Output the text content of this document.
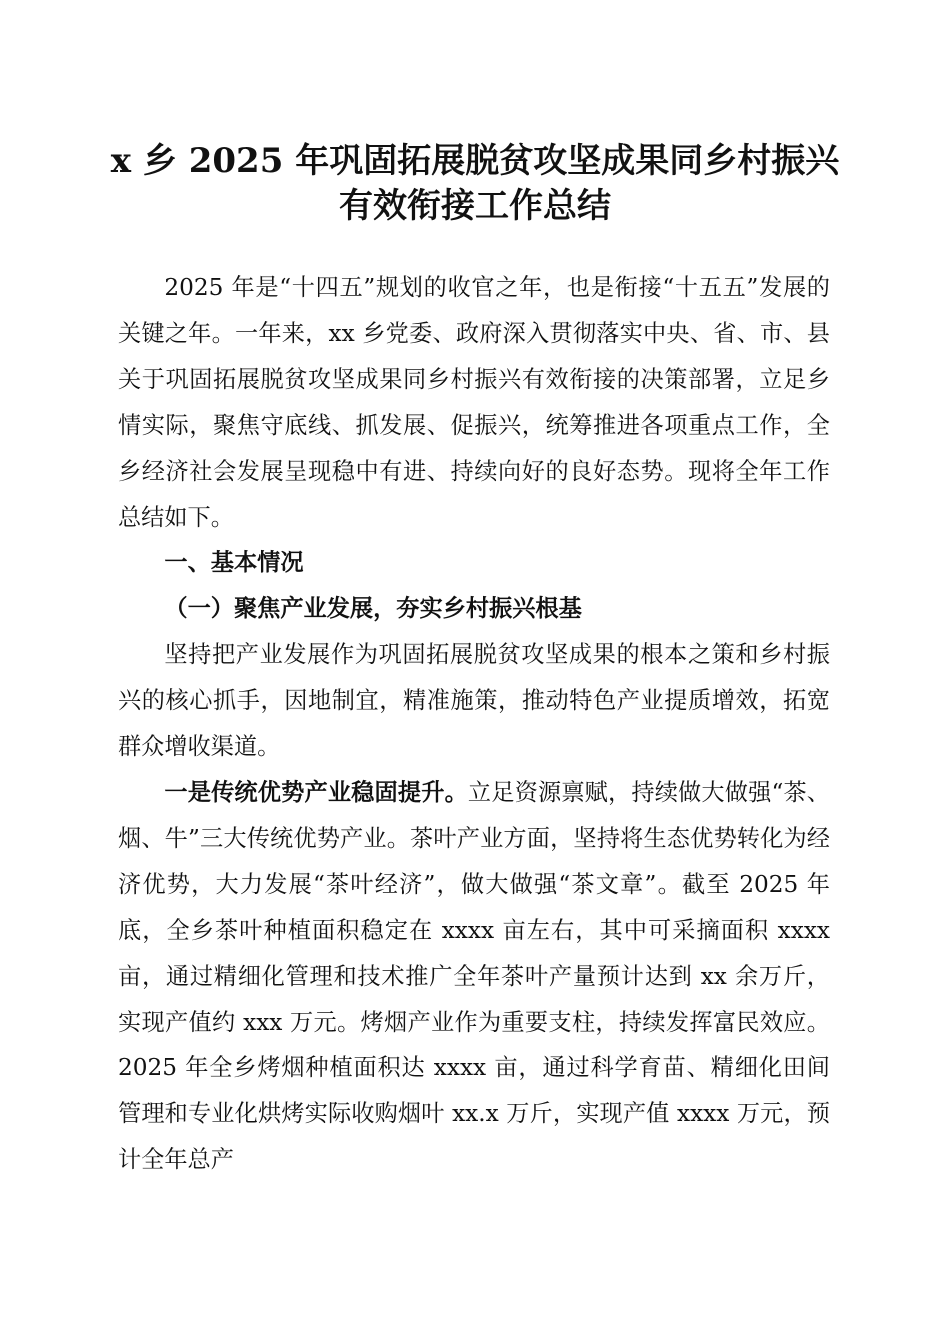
x 乡 2025 年巩固拓展脱贫攻坚成果同乡村振兴
有效衔接工作总结

2025 年是“十四五”规划的收官之年，也是衔接“十五五”发展的关键之年。一年来，xx 乡党委、政府深入贯彻落实中央、省、市、县关于巩固拓展脱贫攻坚成果同乡村振兴有效衔接的决策部署，立足乡情实际，聚焦守底线、抓发展、促振兴，统筹推进各项重点工作，全乡经济社会发展呈现稳中有进、持续向好的良好态势。现将全年工作总结如下。

一、基本情况

（一）聚焦产业发展，夯实乡村振兴根基

坚持把产业发展作为巩固拓展脱贫攻坚成果的根本之策和乡村振兴的核心抓手，因地制宜，精准施策，推动特色产业提质增效，拓宽群众增收渠道。

一是传统优势产业稳固提升。立足资源禀赋，持续做大做强“茶、烟、牛”三大传统优势产业。茶叶产业方面，坚持将生态优势转化为经济优势，大力发展“茶叶经济”，做大做强“茶文章”。截至 2025 年底，全乡茶叶种植面积稳定在 xxxx 亩左右，其中可采摘面积 xxxx 亩，通过精细化管理和技术推广全年茶叶产量预计达到 xx 余万斤，实现产值约 xxx 万元。烤烟产业作为重要支柱，持续发挥富民效应。2025 年全乡烤烟种植面积达 xxxx 亩，通过科学育苗、精细化田间管理和专业化烘烤实际收购烟叶 xx.x 万斤，实现产值 xxxx 万元，预计全年总产
